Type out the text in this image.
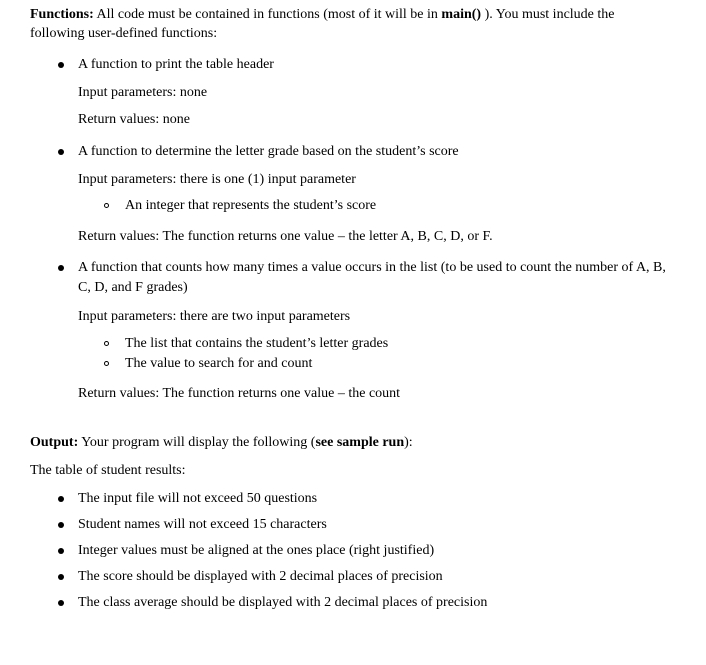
Functions: All code must be contained in functions (most of it will be in main() ). You must include the
following user-defined functions:
A function to print the table header
Input parameters: none
Return values: none
A function to determine the letter grade based on the student’s score
Input parameters: there is one (1) input parameter
An integer that represents the student’s score
Return values: The function returns one value – the letter A, B, C, D, or F.
A function that counts how many times a value occurs in the list (to be used to count the number of A, B,
C, D, and F grades)
Input parameters: there are two input parameters
The list that contains the student’s letter grades
The value to search for and count
Return values: The function returns one value – the count
Output: Your program will display the following (see sample run):
The table of student results:
The input file will not exceed 50 questions
Student names will not exceed 15 characters
Integer values must be aligned at the ones place (right justified)
The score should be displayed with 2 decimal places of precision
The class average should be displayed with 2 decimal places of precision
